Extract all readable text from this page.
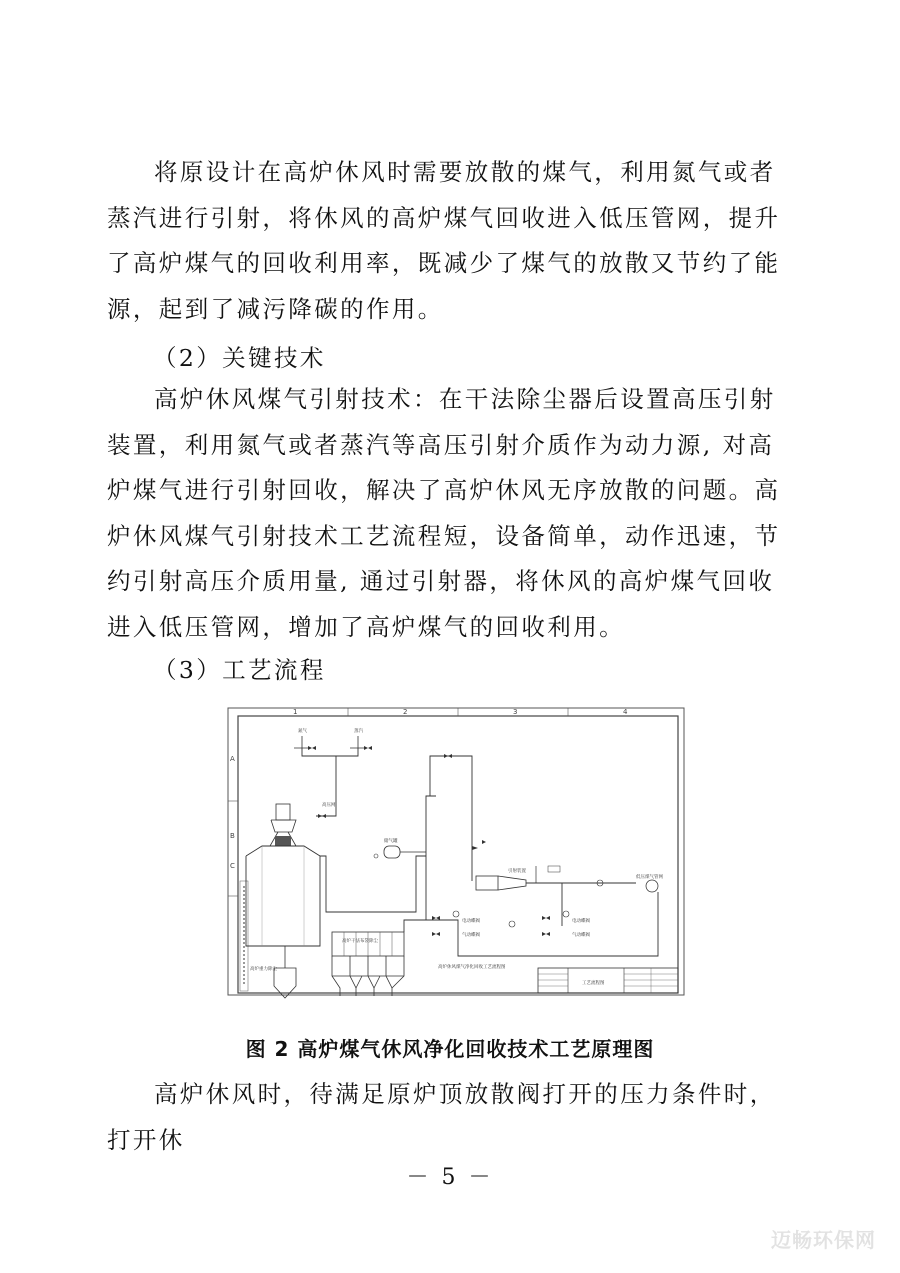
将原设计在高炉休风时需要放散的煤气，利用氮气或者蒸汽进行引射，将休风的高炉煤气回收进入低压管网，提升了高炉煤气的回收利用率，既减少了煤气的放散又节约了能源，起到了减污降碳的作用。

（2）关键技术

高炉休风煤气引射技术：在干法除尘器后设置高压引射装置，利用氮气或者蒸汽等高压引射介质作为动力源, 对高炉煤气进行引射回收，解决了高炉休风无序放散的问题。高炉休风煤气引射技术工艺流程短，设备简单，动作迅速，节约引射高压介质用量, 通过引射器，将休风的高炉煤气回收进入低压管网，增加了高炉煤气的回收利用。

（3）工艺流程
1	2	3	4
A
B
C
氮气	蒸汽
高压网
高炉重力除尘
高炉干法布袋除尘
储气罐
引射装置
低压煤气管网
电动蝶阀
气动蝶阀
电动蝶阀
气动蝶阀
高炉休风煤气净化回收工艺流程图
工艺流程图
图 2 高炉煤气休风净化回收技术工艺原理图

高炉休风时，待满足原炉顶放散阀打开的压力条件时，打开休

－ 5 －
迈畅环保网
